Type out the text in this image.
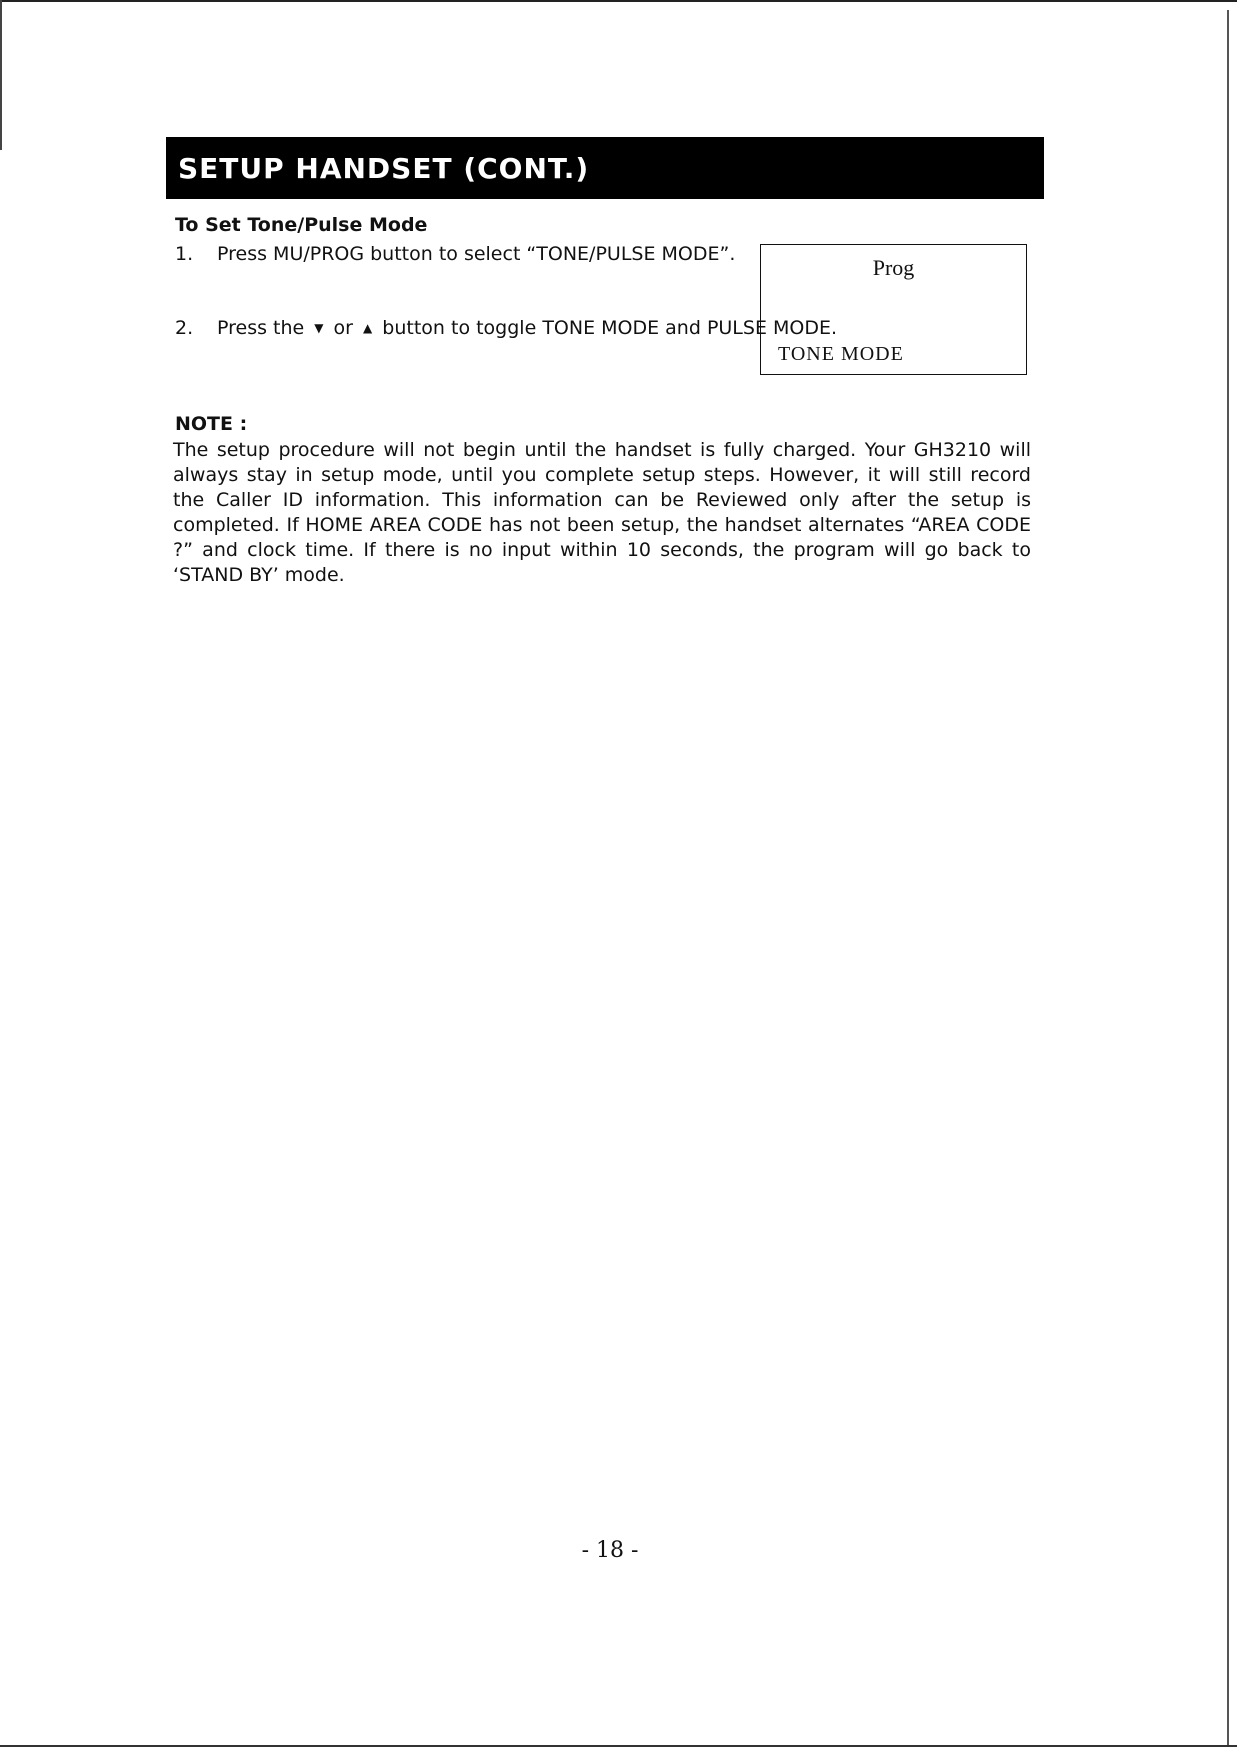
SETUP HANDSET (CONT.)
To Set Tone/Pulse Mode
1. Press MU/PROG button to select “TONE/PULSE MODE”.
2. Press the ▼ or ▲ button to toggle TONE MODE and PULSE MODE.
Prog
TONE MODE
NOTE :
The setup procedure will not begin until the handset is fully charged. Your GH3210 will always stay in setup mode, until you complete setup steps. However, it will still record the Caller ID information. This information can be Reviewed only after the setup is completed. If HOME AREA CODE has not been setup, the handset alternates “AREA CODE ?” and clock time. If there is no input within 10 seconds, the program will go back to ‘STAND BY’ mode.
- 18 -
